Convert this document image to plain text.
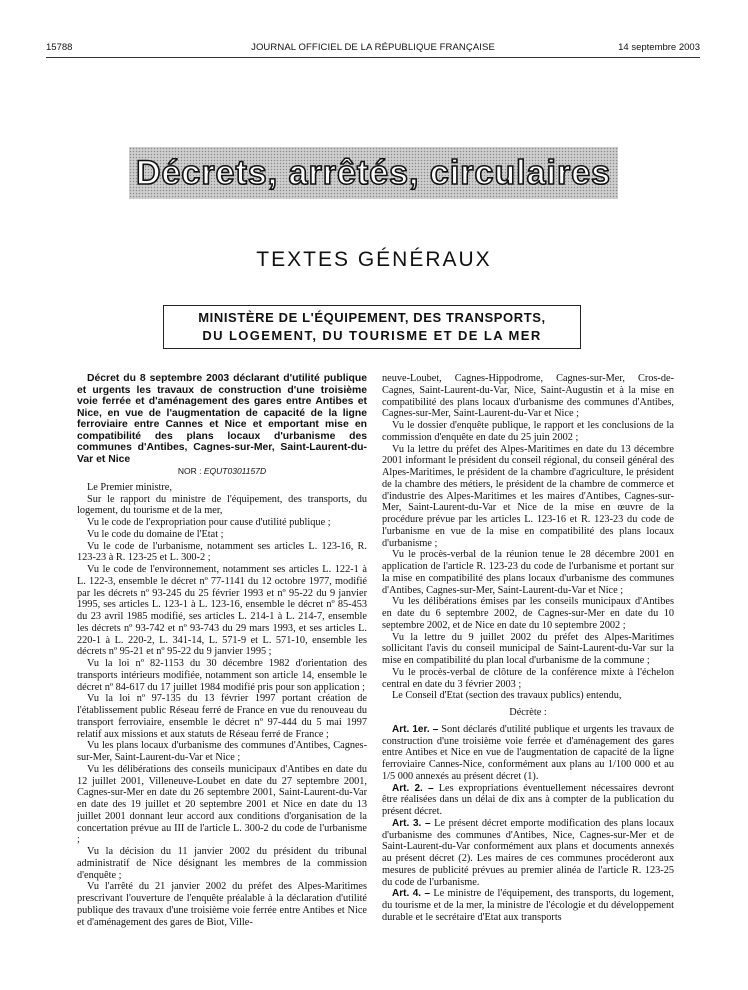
15788	JOURNAL OFFICIEL DE LA RÉPUBLIQUE FRANÇAISE	14 septembre 2003
Décrets, arrêtés, circulaires
TEXTES GÉNÉRAUX
MINISTÈRE DE L'ÉQUIPEMENT, DES TRANSPORTS,
DU LOGEMENT, DU TOURISME ET DE LA MER

Décret du 8 septembre 2003 déclarant d'utilité publique et urgents les travaux de construction d'une troisième voie ferrée et d'aménagement des gares entre Antibes et Nice, en vue de l'augmentation de capacité de la ligne ferroviaire entre Cannes et Nice et emportant mise en compatibilité des plans locaux d'urbanisme des communes d'Antibes, Cagnes-sur-Mer, Saint-Laurent-du-Var et Nice

NOR : EQUT0301157D

Le Premier ministre,

Sur le rapport du ministre de l'équipement, des transports, du logement, du tourisme et de la mer,

Vu le code de l'expropriation pour cause d'utilité publique ;

Vu le code du domaine de l'Etat ;

Vu le code de l'urbanisme, notamment ses articles L. 123-16, R. 123-23 à R. 123-25 et L. 300-2 ;

Vu le code de l'environnement, notamment ses articles L. 122-1 à L. 122-3, ensemble le décret nº 77-1141 du 12 octobre 1977, modifié par les décrets nº 93-245 du 25 février 1993 et nº 95-22 du 9 janvier 1995, ses articles L. 123-1 à L. 123-16, ensemble le décret nº 85-453 du 23 avril 1985 modifié, ses articles L. 214-1 à L. 214-7, ensemble les décrets nº 93-742 et nº 93-743 du 29 mars 1993, et ses articles L. 220-1 à L. 220-2, L. 341-14, L. 571-9 et L. 571-10, ensemble les décrets nº 95-21 et nº 95-22 du 9 janvier 1995 ;

Vu la loi nº 82-1153 du 30 décembre 1982 d'orientation des transports intérieurs modifiée, notamment son article 14, ensemble le décret nº 84-617 du 17 juillet 1984 modifié pris pour son application ;

Vu la loi nº 97-135 du 13 février 1997 portant création de l'établissement public Réseau ferré de France en vue du renouveau du transport ferroviaire, ensemble le décret nº 97-444 du 5 mai 1997 relatif aux missions et aux statuts de Réseau ferré de France ;

Vu les plans locaux d'urbanisme des communes d'Antibes, Cagnes-sur-Mer, Saint-Laurent-du-Var et Nice ;

Vu les délibérations des conseils municipaux d'Antibes en date du 12 juillet 2001, Villeneuve-Loubet en date du 27 septembre 2001, Cagnes-sur-Mer en date du 26 septembre 2001, Saint-Laurent-du-Var en date des 19 juillet et 20 septembre 2001 et Nice en date du 13 juillet 2001 donnant leur accord aux conditions d'organisation de la concertation prévue au III de l'article L. 300-2 du code de l'urbanisme ;

Vu la décision du 11 janvier 2002 du président du tribunal administratif de Nice désignant les membres de la commission d'enquête ;

Vu l'arrêté du 21 janvier 2002 du préfet des Alpes-Maritimes prescrivant l'ouverture de l'enquête préalable à la déclaration d'utilité publique des travaux d'une troisième voie ferrée entre Antibes et Nice et d'aménagement des gares de Biot, Ville-

neuve-Loubet, Cagnes-Hippodrome, Cagnes-sur-Mer, Cros-de-Cagnes, Saint-Laurent-du-Var, Nice, Saint-Augustin et à la mise en compatibilité des plans locaux d'urbanisme des communes d'Antibes, Cagnes-sur-Mer, Saint-Laurent-du-Var et Nice ;

Vu le dossier d'enquête publique, le rapport et les conclusions de la commission d'enquête en date du 25 juin 2002 ;

Vu la lettre du préfet des Alpes-Maritimes en date du 13 décembre 2001 informant le président du conseil régional, du conseil général des Alpes-Maritimes, le président de la chambre d'agriculture, le président de la chambre des métiers, le président de la chambre de commerce et d'industrie des Alpes-Maritimes et les maires d'Antibes, Cagnes-sur-Mer, Saint-Laurent-du-Var et Nice de la mise en œuvre de la procédure prévue par les articles L. 123-16 et R. 123-23 du code de l'urbanisme en vue de la mise en compatibilité des plans locaux d'urbanisme ;

Vu le procès-verbal de la réunion tenue le 28 décembre 2001 en application de l'article R. 123-23 du code de l'urbanisme et portant sur la mise en compatibilité des plans locaux d'urbanisme des communes d'Antibes, Cagnes-sur-Mer, Saint-Laurent-du-Var et Nice ;

Vu les délibérations émises par les conseils municipaux d'Antibes en date du 6 septembre 2002, de Cagnes-sur-Mer en date du 10 septembre 2002, et de Nice en date du 10 septembre 2002 ;

Vu la lettre du 9 juillet 2002 du préfet des Alpes-Maritimes sollicitant l'avis du conseil municipal de Saint-Laurent-du-Var sur la mise en compatibilité du plan local d'urbanisme de la commune ;

Vu le procès-verbal de clôture de la conférence mixte à l'échelon central en date du 3 février 2003 ;

Le Conseil d'Etat (section des travaux publics) entendu,

Décrète :

Art. 1er. – Sont déclarés d'utilité publique et urgents les travaux de construction d'une troisième voie ferrée et d'aménagement des gares entre Antibes et Nice en vue de l'augmentation de capacité de la ligne ferroviaire Cannes-Nice, conformément aux plans au 1/100 000 et au 1/5 000 annexés au présent décret (1).

Art. 2. – Les expropriations éventuellement nécessaires devront être réalisées dans un délai de dix ans à compter de la publication du présent décret.

Art. 3. – Le présent décret emporte modification des plans locaux d'urbanisme des communes d'Antibes, Nice, Cagnes-sur-Mer et de Saint-Laurent-du-Var conformément aux plans et documents annexés au présent décret (2). Les maires de ces communes procéderont aux mesures de publicité prévues au premier alinéa de l'article R. 123-25 du code de l'urbanisme.

Art. 4. – Le ministre de l'équipement, des transports, du logement, du tourisme et de la mer, la ministre de l'écologie et du développement durable et le secrétaire d'Etat aux transports
